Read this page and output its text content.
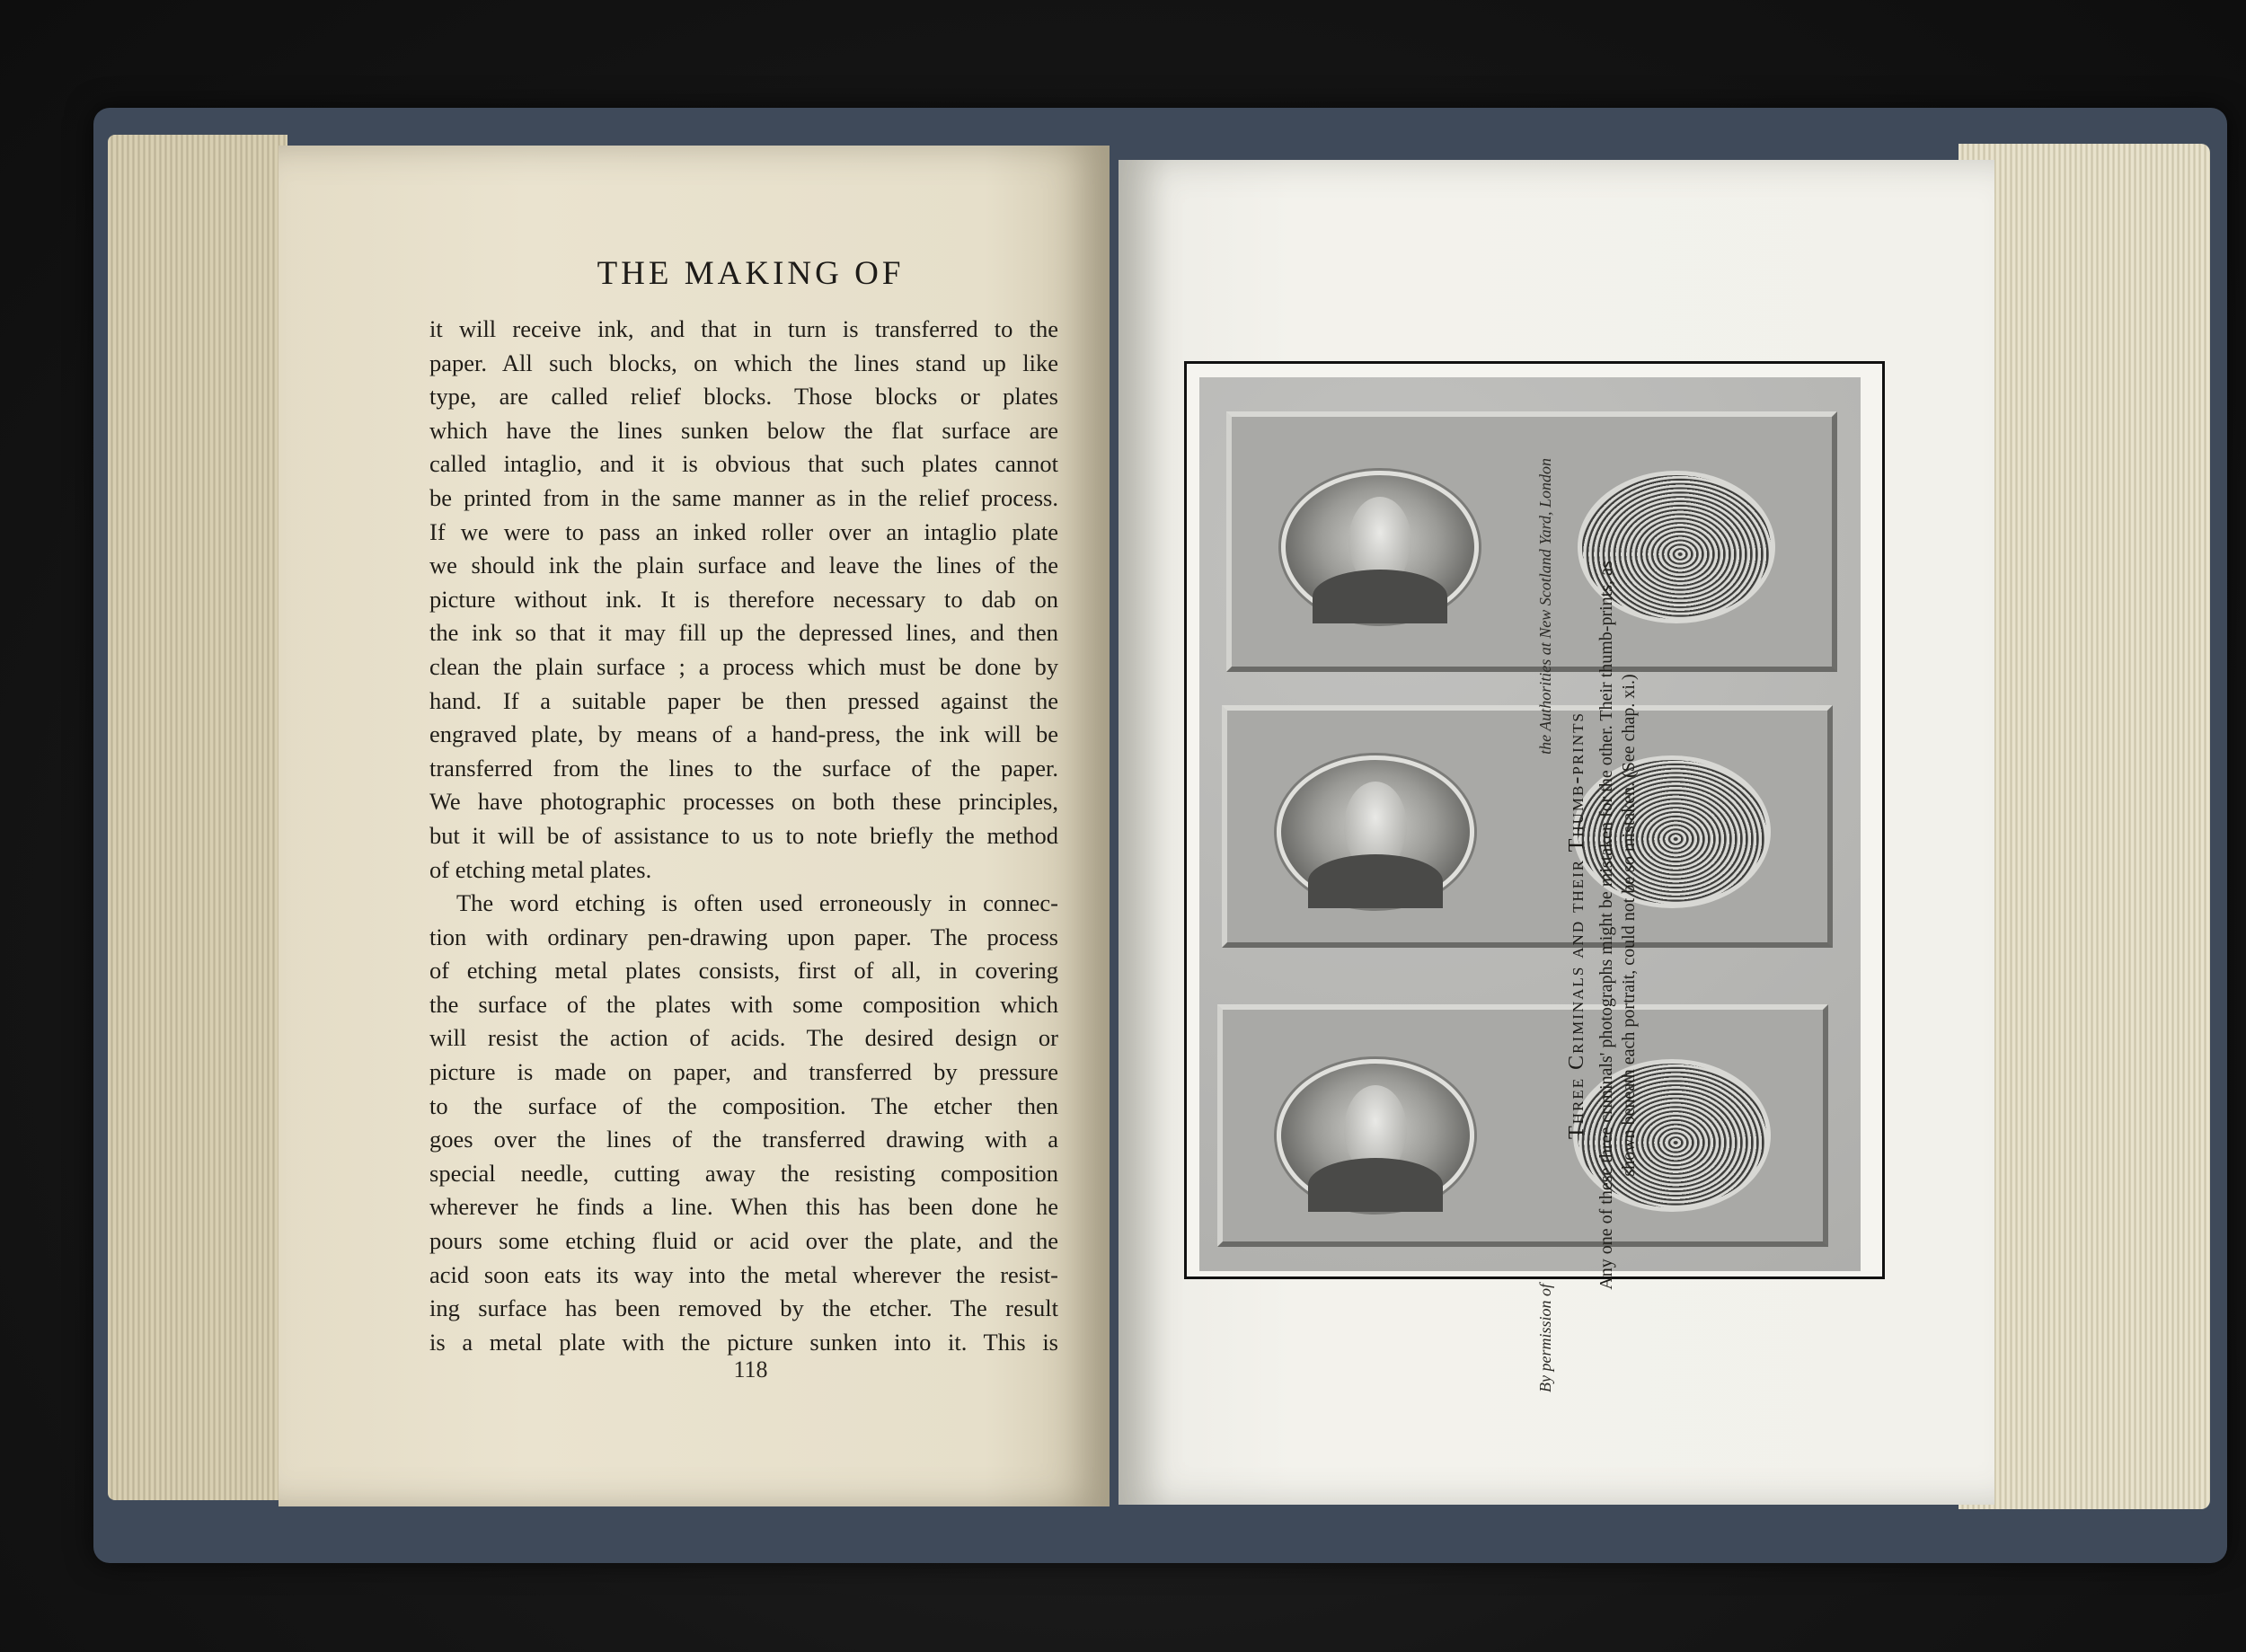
THE MAKING OF
it will receive ink, and that in turn is transferred to the
paper. All such blocks, on which the lines stand up like
type, are called relief blocks. Those blocks or plates
which have the lines sunken below the flat surface are
called intaglio, and it is obvious that such plates cannot
be printed from in the same manner as in the relief process.
If we were to pass an inked roller over an intaglio plate
we should ink the plain surface and leave the lines of the
picture without ink. It is therefore necessary to dab on
the ink so that it may fill up the depressed lines, and then
clean the plain surface ; a process which must be done by
hand. If a suitable paper be then pressed against the
engraved plate, by means of a hand-press, the ink will be
transferred from the lines to the surface of the paper.
We have photographic processes on both these principles,
but it will be of assistance to us to note briefly the method
of etching metal plates.
The word etching is often used erroneously in connec-
tion with ordinary pen-drawing upon paper. The process
of etching metal plates consists, first of all, in covering
the surface of the plates with some composition which
will resist the action of acids. The desired design or
picture is made on paper, and transferred by pressure
to the surface of the composition. The etcher then
goes over the lines of the transferred drawing with a
special needle, cutting away the resisting composition
wherever he finds a line. When this has been done he
pours some etching fluid or acid over the plate, and the
acid soon eats its way into the metal wherever the resist-
ing surface has been removed by the etcher. The result
is a metal plate with the picture sunken into it. This is
118	By permission of
the Authorities at New Scotland Yard, London
Three Criminals and their Thumb-prints Any one of these three criminals' photographs might be mistaken for the other. Their thumb-prints, as shown beneath each portrait, could not be so mistaken. (See chap. xi.)
